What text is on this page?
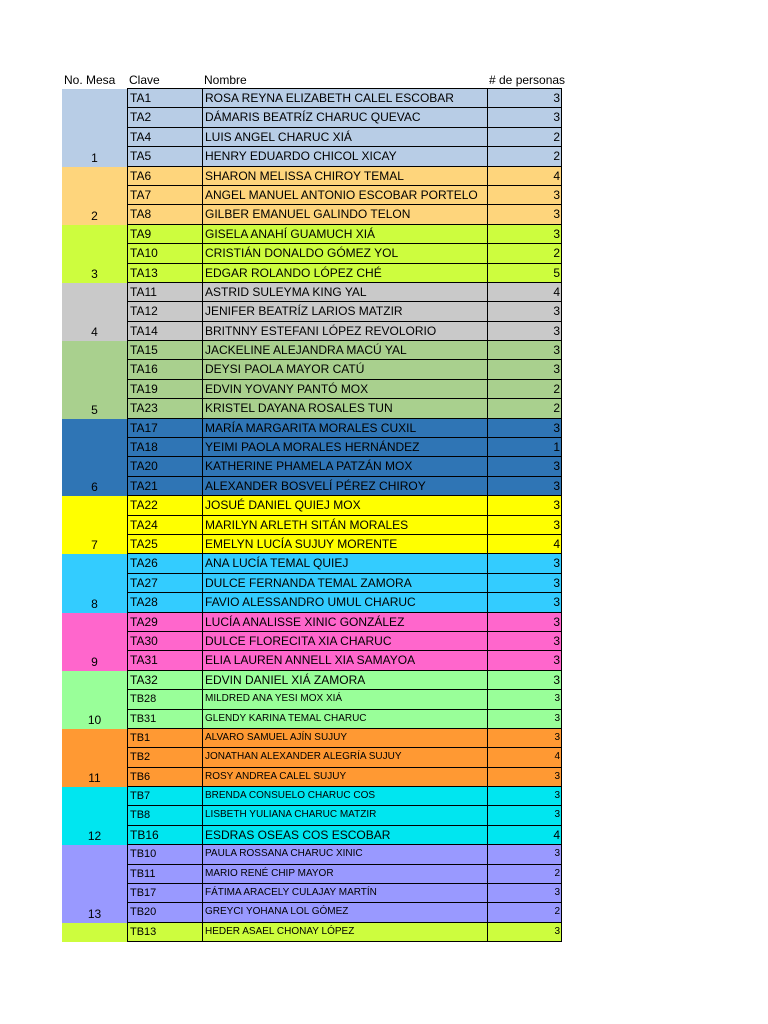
No. Mesa	Clave	Nombre	# de personas
1
TA1	ROSA REYNA ELIZABETH CALEL ESCOBAR	3
TA2	DÁMARIS BEATRÍZ CHARUC QUEVAC	3
TA4	LUIS ANGEL CHARUC XIÁ	2
TA5	HENRY EDUARDO CHICOL XICAY	2
2
TA6	SHARON MELISSA CHIROY TEMAL	4
TA7	ANGEL MANUEL ANTONIO ESCOBAR PORTELO	3
TA8	GILBER EMANUEL GALINDO TELON	3
3
TA9	GISELA ANAHÍ GUAMUCH XIÁ	3
TA10	CRISTIÁN DONALDO GÓMEZ YOL	2
TA13	EDGAR ROLANDO LÓPEZ CHÉ	5
4
TA11	ASTRID SULEYMA KING YAL	4
TA12	JENIFER BEATRÍZ LARIOS MATZIR	3
TA14	BRITNNY ESTEFANI LÓPEZ REVOLORIO	3
5
TA15	JACKELINE ALEJANDRA MACÚ YAL	3
TA16	DEYSI PAOLA MAYOR CATÚ	3
TA19	EDVIN YOVANY PANTÓ MOX	2
TA23	KRISTEL DAYANA ROSALES TUN	2
6
TA17	MARÍA MARGARITA MORALES CUXIL	3
TA18	YEIMI PAOLA MORALES HERNÁNDEZ	1
TA20	KATHERINE PHAMELA PATZÁN MOX	3
TA21	ALEXANDER BOSVELÍ PÉREZ CHIROY	3
7
TA22	JOSUÉ DANIEL QUIEJ MOX	3
TA24	MARILYN ARLETH SITÁN MORALES	3
TA25	EMELYN LUCÍA SUJUY MORENTE	4
8
TA26	ANA LUCÍA TEMAL QUIEJ	3
TA27	DULCE FERNANDA TEMAL ZAMORA	3
TA28	FAVIO ALESSANDRO UMUL CHARUC	3
9
TA29	LUCÍA ANALISSE XINIC GONZÁLEZ	3
TA30	DULCE FLORECITA XIA CHARUC	3
TA31	ELIA LAUREN ANNELL XIA SAMAYOA	3
10
TA32	EDVIN DANIEL XIÁ ZAMORA	3
TB28	MILDRED ANA YESI MOX XIÁ	3
TB31	GLENDY KARINA TEMAL CHARUC	3
11
TB1	ALVARO SAMUEL AJÍN SUJUY	3
TB2	JONATHAN ALEXANDER ALEGRÍA SUJUY	4
TB6	ROSY ANDREA CALEL SUJUY	3
12
TB7	BRENDA CONSUELO CHARUC COS	3
TB8	LISBETH YULIANA CHARUC MATZIR	3
TB16	ESDRAS OSEAS COS ESCOBAR	4
13
TB10	PAULA ROSSANA CHARUC XINIC	3
TB11	MARIO RENÉ CHIP MAYOR	2
TB17	FÁTIMA ARACELY CULAJAY MARTÍN	3
TB20	GREYCI YOHANA LOL GÓMEZ	2
TB13	HEDER ASAEL CHONAY LÓPEZ	3
